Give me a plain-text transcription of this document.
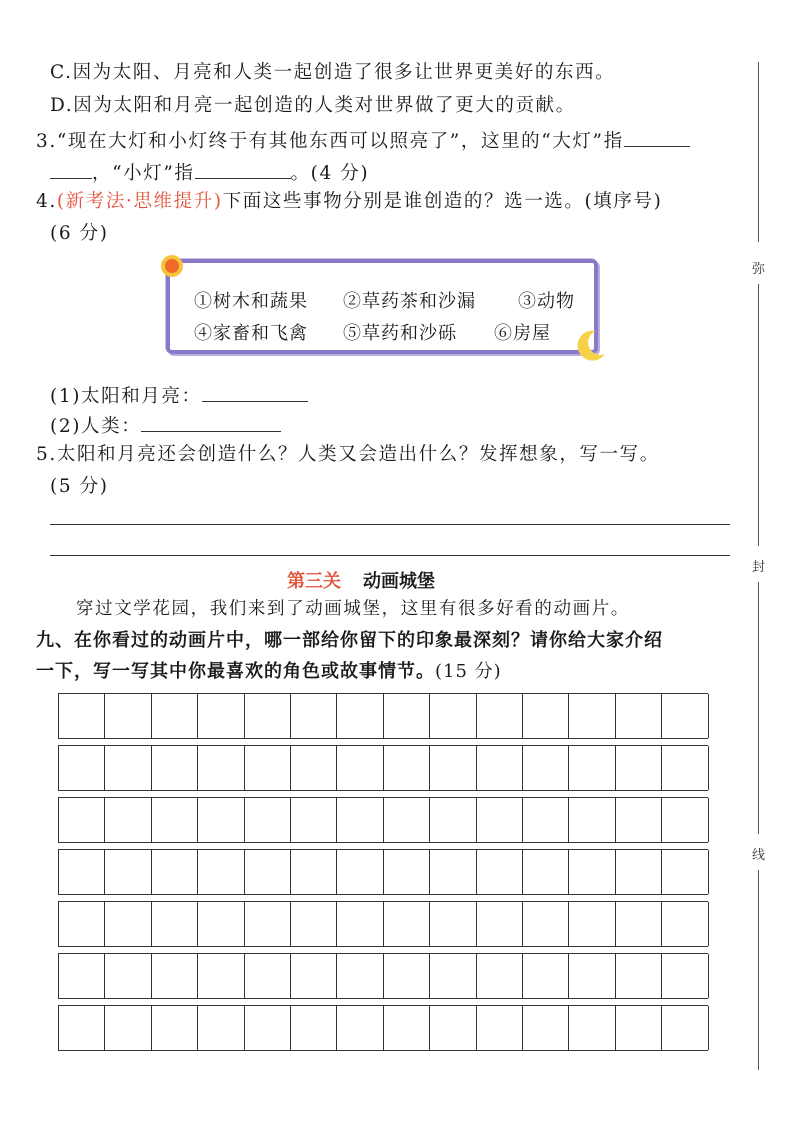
C.因为太阳、月亮和人类一起创造了很多让世界更美好的东西。
D.因为太阳和月亮一起创造的人类对世界做了更大的贡献。
3.“现在大灯和小灯终于有其他东西可以照亮了”，这里的“大灯”指
，“小灯”指	。(4 分)
4.(新考法·思维提升)下面这些事物分别是谁创造的？选一选。(填序号)
(6 分)
①树木和蔬果 ②草药茶和沙漏 ③动物
④家畜和飞禽 ⑤草药和沙砾 ⑥房屋
(1)太阳和月亮：
(2)人类：
5.太阳和月亮还会创造什么？人类又会造出什么？发挥想象，写一写。
(5 分)
第三关 动画城堡
穿过文学花园，我们来到了动画城堡，这里有很多好看的动画片。
九、在你看过的动画片中，哪一部给你留下的印象最深刻？请你给大家介绍
一下，写一写其中你最喜欢的角色或故事情节。(15 分)
弥
封
线
